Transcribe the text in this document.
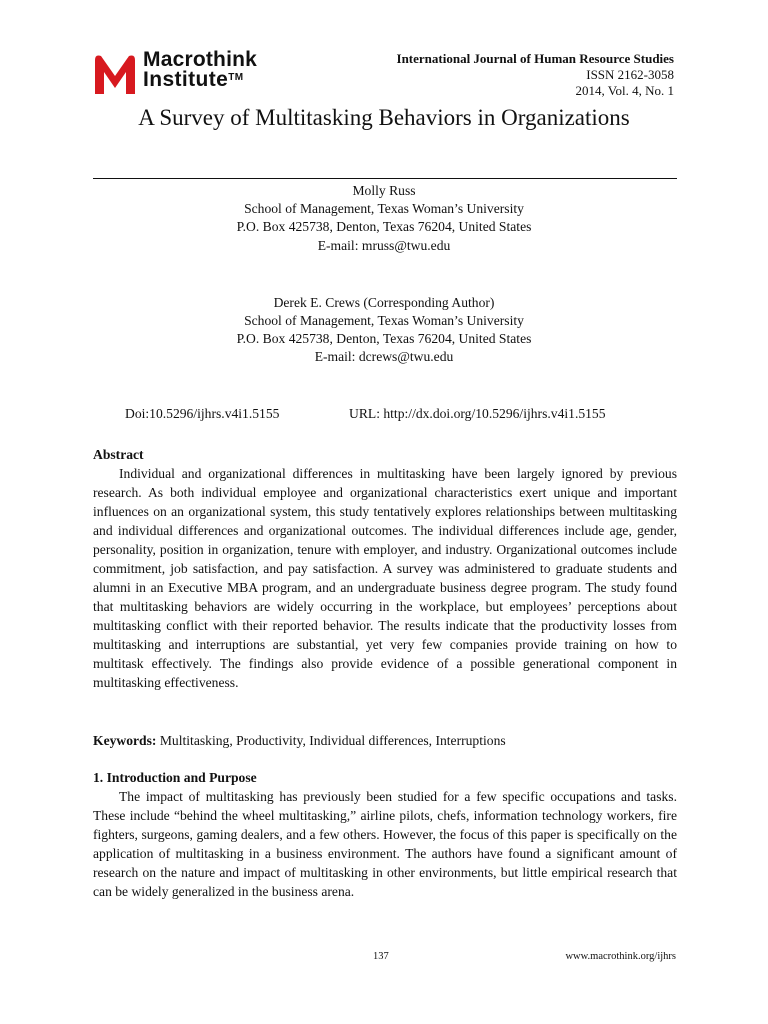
Macrothink
Institute™
International Journal of Human Resource Studies
ISSN 2162-3058
2014, Vol. 4, No. 1
A Survey of Multitasking Behaviors in Organizations
Molly Russ
School of Management, Texas Woman’s University
P.O. Box 425738, Denton, Texas 76204, United States
E-mail: mruss@twu.edu
Derek E. Crews (Corresponding Author)
School of Management, Texas Woman’s University
P.O. Box 425738, Denton, Texas 76204, United States
E-mail: dcrews@twu.edu
Doi:10.5296/ijhrs.v4i1.5155	URL: http://dx.doi.org/10.5296/ijhrs.v4i1.5155
Abstract

Individual and organizational differences in multitasking have been largely ignored by previous research. As both individual employee and organizational characteristics exert unique and important influences on an organizational system, this study tentatively explores relationships between multitasking and individual differences and organizational outcomes. The individual differences include age, gender, personality, position in organization, tenure with employer, and industry. Organizational outcomes include commitment, job satisfaction, and pay satisfaction. A survey was administered to graduate students and alumni in an Executive MBA program, and an undergraduate business degree program. The study found that multitasking behaviors are widely occurring in the workplace, but employees’ perceptions about multitasking conflict with their reported behavior. The results indicate that the productivity losses from multitasking and interruptions are substantial, yet very few companies provide training on how to multitask effectively. The findings also provide evidence of a possible generational component in multitasking effectiveness.

Keywords: Multitasking, Productivity, Individual differences, Interruptions
1. Introduction and Purpose

The impact of multitasking has previously been studied for a few specific occupations and tasks. These include “behind the wheel multitasking,” airline pilots, chefs, information technology workers, fire fighters, surgeons, gaming dealers, and a few others. However, the focus of this paper is specifically on the application of multitasking in a business environment. The authors have found a significant amount of research on the nature and impact of multitasking in other environments, but little empirical research that can be widely generalized in the business arena.

137	www.macrothink.org/ijhrs
